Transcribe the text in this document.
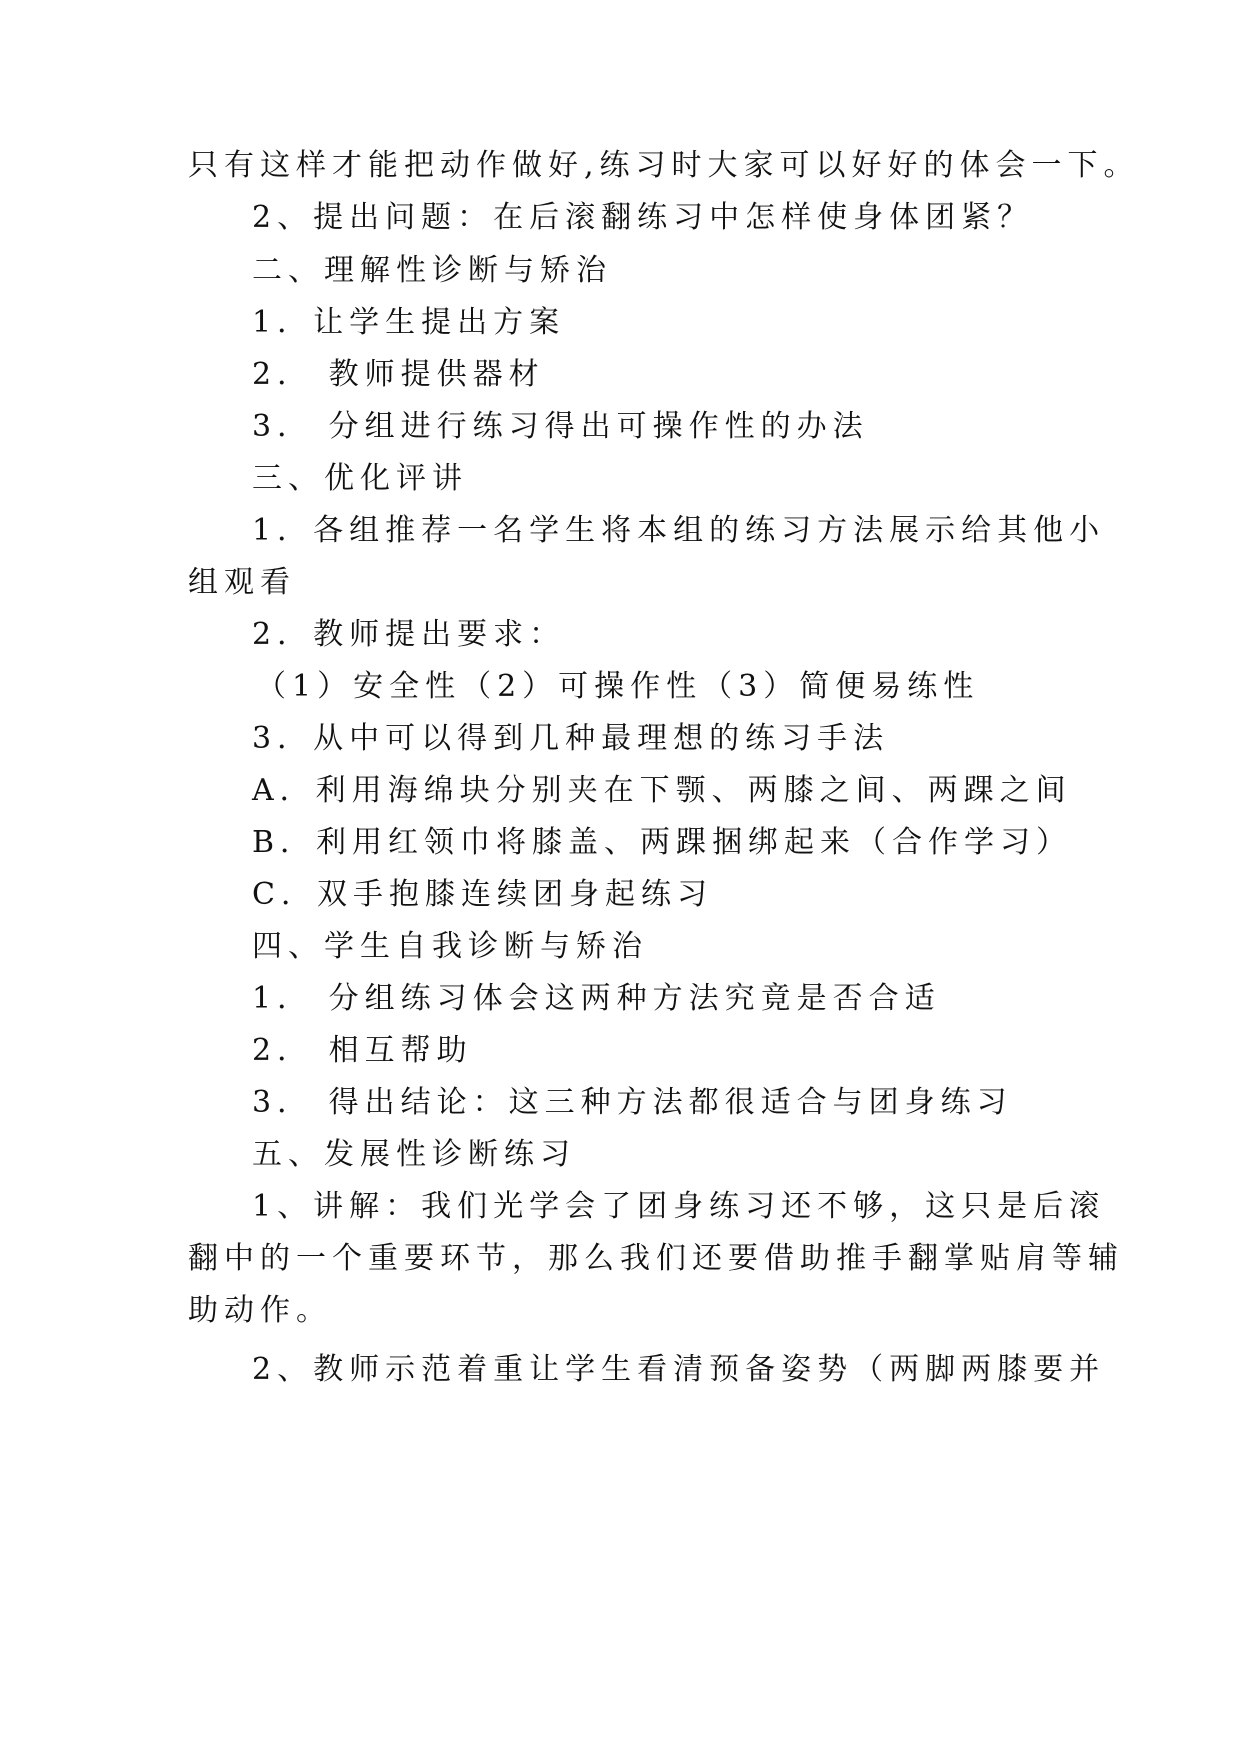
只有这样才能把动作做好,练习时大家可以好好的体会一下。
2、提出问题：在后滚翻练习中怎样使身体团紧？
二、理解性诊断与矫治
1．让学生提出方案
2． 教师提供器材
3． 分组进行练习得出可操作性的办法
三、优化评讲
1．各组推荐一名学生将本组的练习方法展示给其他小
组观看
2．教师提出要求：
（1）安全性（2）可操作性（3）简便易练性
3．从中可以得到几种最理想的练习手法
A．利用海绵块分别夹在下颚、两膝之间、两踝之间
B．利用红领巾将膝盖、两踝捆绑起来（合作学习）
C．双手抱膝连续团身起练习
四、学生自我诊断与矫治
1． 分组练习体会这两种方法究竟是否合适
2． 相互帮助
3． 得出结论：这三种方法都很适合与团身练习
五、发展性诊断练习
1、讲解：我们光学会了团身练习还不够，这只是后滚
翻中的一个重要环节，那么我们还要借助推手翻掌贴肩等辅
助动作。
2、教师示范着重让学生看清预备姿势（两脚两膝要并
